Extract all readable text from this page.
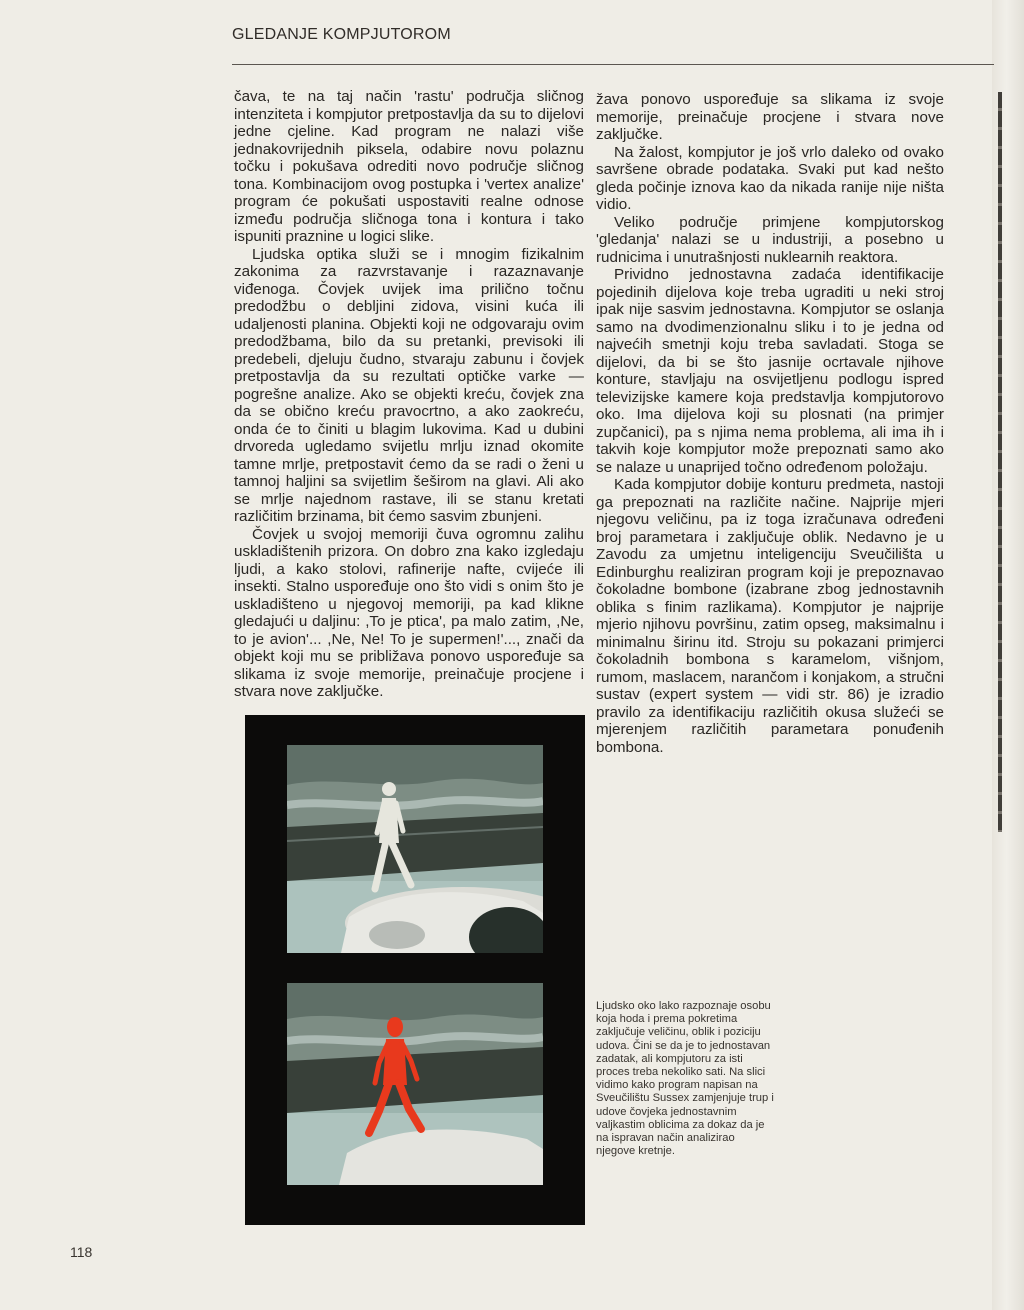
GLEDANJE KOMPJUTOROM

čava, te na taj način 'rastu' područja sličnog intenziteta i kompjutor pretpostavlja da su to dijelovi jedne cjeline. Kad program ne nalazi više jednakovrijednih piksela, odabire novu polaznu točku i pokušava odrediti novo područje sličnog tona. Kombinacijom ovog postupka i 'vertex analize' program će pokušati uspostaviti realne odnose između područja sličnoga tona i kontura i tako ispuniti praznine u logici slike.

Ljudska optika služi se i mnogim fizikalnim zakonima za razvrstavanje i razaznavanje viđenoga. Čovjek uvijek ima prilično točnu predodžbu o debljini zidova, visini kuća ili udaljenosti planina. Objekti koji ne odgovaraju ovim predodžbama, bilo da su pretanki, previsoki ili predebeli, djeluju čudno, stvaraju zabunu i čovjek pretpostavlja da su rezultati optičke varke — pogrešne analize. Ako se objekti kreću, čovjek zna da se obično kreću pravocrtno, a ako zaokreću, onda će to činiti u blagim lukovima. Kad u dubini drvoreda ugledamo svijetlu mrlju iznad okomite tamne mrlje, pretpostavit ćemo da se radi o ženi u tamnoj haljini sa svijetlim šeširom na glavi. Ali ako se mrlje najednom rastave, ili se stanu kretati različitim brzinama, bit ćemo sasvim zbunjeni.

Čovjek u svojoj memoriji čuva ogromnu zalihu uskladištenih prizora. On dobro zna kako izgledaju ljudi, a kako stolovi, rafinerije nafte, cvijeće ili insekti. Stalno uspoređuje ono što vidi s onim što je uskladišteno u njegovoj memoriji, pa kad klikne gledajući u daljinu: ,To je ptica', pa malo zatim, ,Ne, to je avion'... ,Ne, Ne! To je supermen!'..., znači da objekt koji mu se približava ponovo uspoređuje sa slikama iz svoje memorije, preinačuje procjene i stvara nove zaključke.

žava ponovo uspoređuje sa slikama iz svoje memorije, preinačuje procjene i stvara nove zaključke.

Na žalost, kompjutor je još vrlo daleko od ovako savršene obrade podataka. Svaki put kad nešto gleda počinje iznova kao da nikada ranije nije ništa vidio.

Veliko područje primjene kompjutorskog 'gledanja' nalazi se u industriji, a posebno u rudnicima i unutrašnjosti nuklearnih reaktora.

Prividno jednostavna zadaća identifikacije pojedinih dijelova koje treba ugraditi u neki stroj ipak nije sasvim jednostavna. Kompjutor se oslanja samo na dvodimenzionalnu sliku i to je jedna od najvećih smetnji koju treba savladati. Stoga se dijelovi, da bi se što jasnije ocrtavale njihove konture, stavljaju na osvijetljenu podlogu ispred televizijske kamere koja predstavlja kompjutorovo oko. Ima dijelova koji su plosnati (na primjer zupčanici), pa s njima nema problema, ali ima ih i takvih koje kompjutor može prepoznati samo ako se nalaze u unaprijed točno određenom položaju.

Kada kompjutor dobije konturu predmeta, nastoji ga prepoznati na različite načine. Najprije mjeri njegovu veličinu, pa iz toga izračunava određeni broj parametara i zaključuje oblik. Nedavno je u Zavodu za umjetnu inteligenciju Sveučilišta u Edinburghu realiziran program koji je prepoznavao čokoladne bombone (izabrane zbog jednostavnih oblika s finim razlikama). Kompjutor je najprije mjerio njihovu površinu, zatim opseg, maksimalnu i minimalnu širinu itd. Stroju su pokazani primjerci čokoladnih bombona s karamelom, višnjom, rumom, maslacem, narančom i konjakom, a stručni sustav (expert system — vidi str. 86) je izradio pravilo za identifikaciju različitih okusa služeći se mjerenjem različitih parametara ponuđenih bombona.

Ljudsko oko lako razpoznaje osobu koja hoda i prema pokretima zaključuje veličinu, oblik i poziciju udova. Čini se da je to jednostavan zadatak, ali kompjutoru za isti proces treba nekoliko sati. Na slici vidimo kako program napisan na Sveučilištu Sussex zamjenjuje trup i udove čovjeka jednostavnim valjkastim oblicima za dokaz da je na ispravan način analizirao njegove kretnje.
118
